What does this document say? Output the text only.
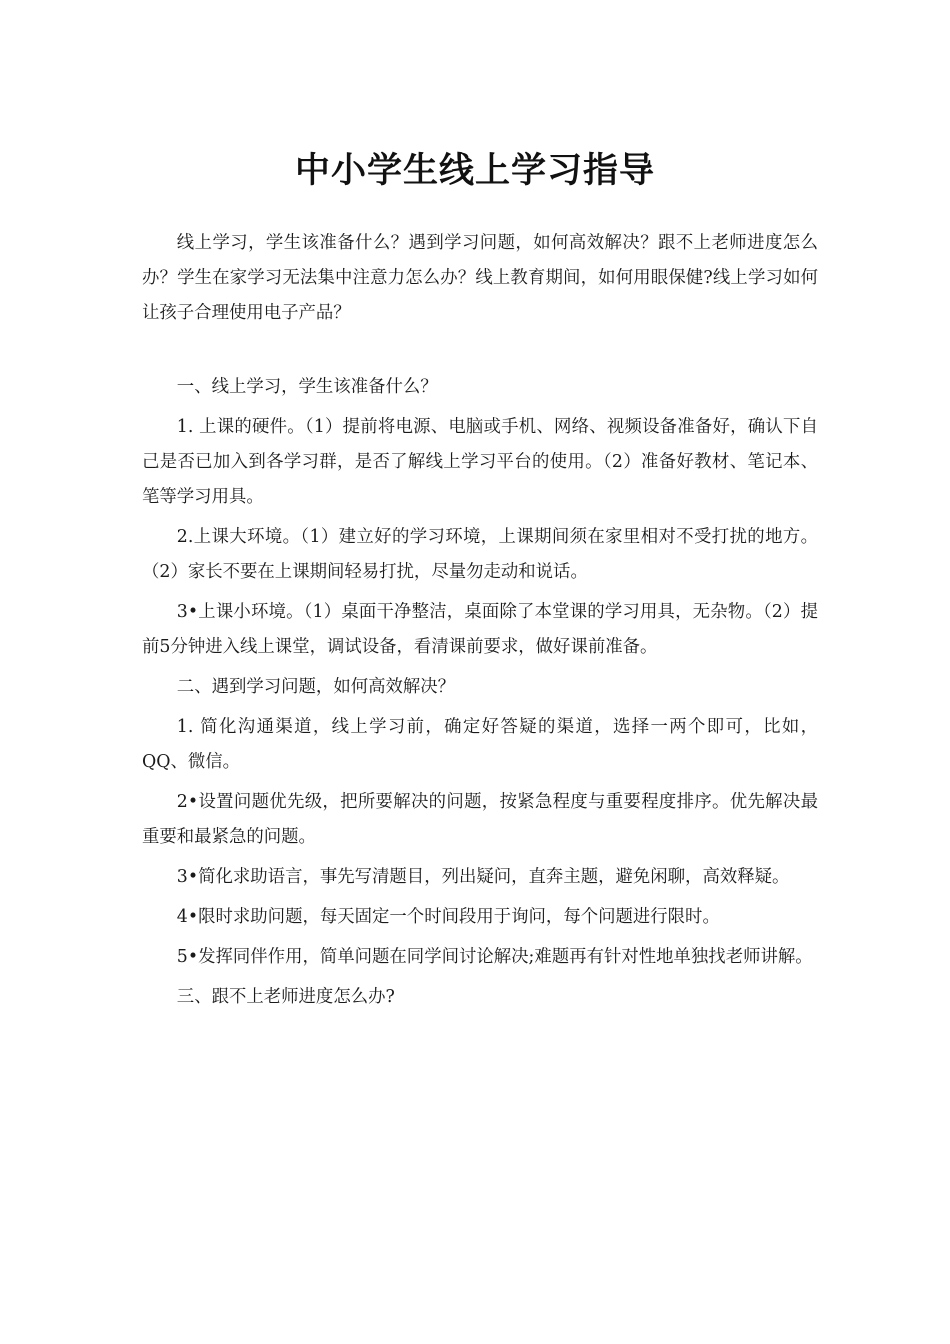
中小学生线上学习指导

线上学习，学生该准备什么？遇到学习问题，如何高效解决？跟不上老师进度怎么办？学生在家学习无法集中注意力怎么办？线上教育期间，如何用眼保健?线上学习如何让孩子合理使用电子产品？

一、线上学习，学生该准备什么？

1. 上课的硬件。（1）提前将电源、电脑或手机、网络、视频设备准备好，确认下自己是否已加入到各学习群，是否了解线上学习平台的使用。（2）准备好教材、笔记本、笔等学习用具。

2.上课大环境。（1）建立好的学习环境，上课期间须在家里相对不受打扰的地方。（2）家长不要在上课期间轻易打扰，尽量勿走动和说话。

3•上课小环境。（1）桌面干净整洁，桌面除了本堂课的学习用具，无杂物。（2）提前5分钟进入线上课堂，调试设备，看清课前要求，做好课前准备。

二、遇到学习问题，如何高效解决？

1. 简化沟通渠道，线上学习前，确定好答疑的渠道，选择一两个即可，比如，QQ、微信。

2•设置问题优先级，把所要解决的问题，按紧急程度与重要程度排序。优先解决最重要和最紧急的问题。

3•简化求助语言，事先写清题目，列出疑问，直奔主题，避免闲聊，高效释疑。

4•限时求助问题，每天固定一个时间段用于询问，每个问题进行限时。

5•发挥同伴作用，简单问题在同学间讨论解决;难题再有针对性地单独找老师讲解。

三、跟不上老师进度怎么办?
